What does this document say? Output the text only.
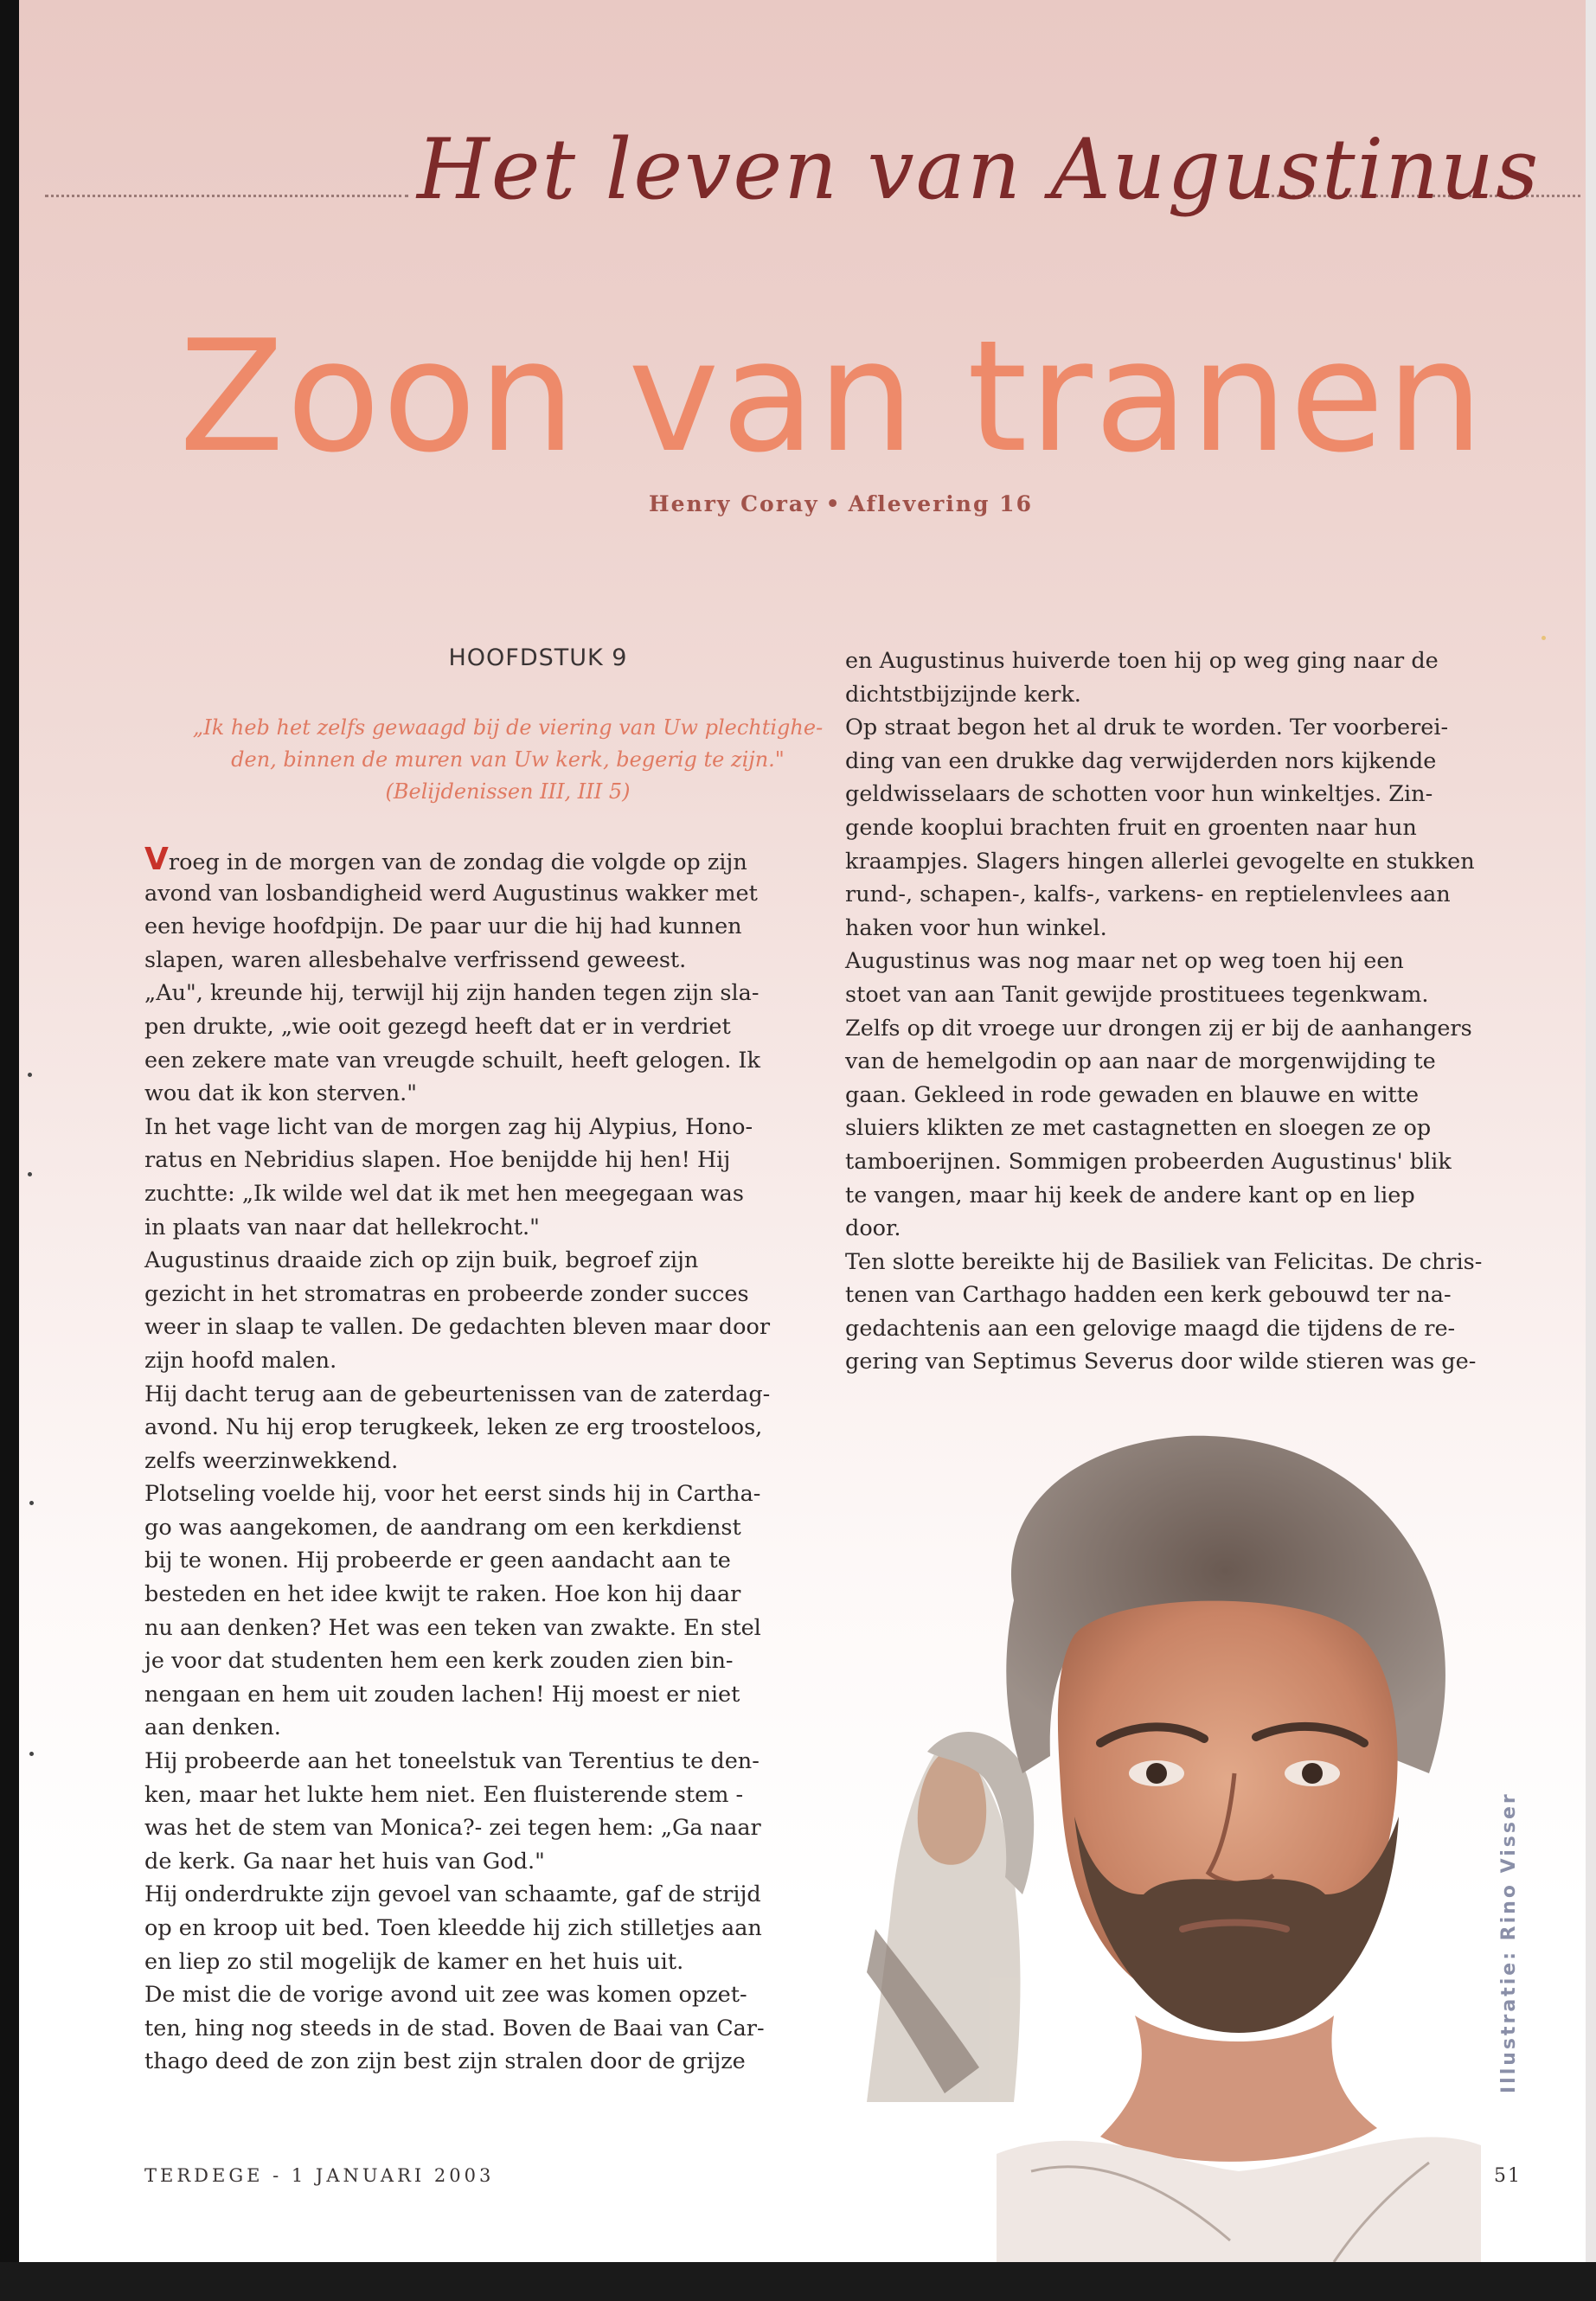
Het leven van Augustinus
Zoon van tranen
Henry Coray • Aflevering 16
HOOFDSTUK 9
„Ik heb het zelfs gewaagd bij de viering van Uw plechtighe-
den, binnen de muren van Uw kerk, begerig te zijn."
(Belijdenissen III, III 5)
Vroeg in de morgen van de zondag die volgde op zijn
avond van losbandigheid werd Augustinus wakker met
een hevige hoofdpijn. De paar uur die hij had kunnen
slapen, waren allesbehalve verfrissend geweest.
„Au", kreunde hij, terwijl hij zijn handen tegen zijn sla-
pen drukte, „wie ooit gezegd heeft dat er in verdriet
een zekere mate van vreugde schuilt, heeft gelogen. Ik
wou dat ik kon sterven."
In het vage licht van de morgen zag hij Alypius, Hono-
ratus en Nebridius slapen. Hoe benijdde hij hen! Hij
zuchtte: „Ik wilde wel dat ik met hen meegegaan was
in plaats van naar dat hellekrocht."
Augustinus draaide zich op zijn buik, begroef zijn
gezicht in het stromatras en probeerde zonder succes
weer in slaap te vallen. De gedachten bleven maar door
zijn hoofd malen.
Hij dacht terug aan de gebeurtenissen van de zaterdag-
avond. Nu hij erop terugkeek, leken ze erg troosteloos,
zelfs weerzinwekkend.
Plotseling voelde hij, voor het eerst sinds hij in Cartha-
go was aangekomen, de aandrang om een kerkdienst
bij te wonen. Hij probeerde er geen aandacht aan te
besteden en het idee kwijt te raken. Hoe kon hij daar
nu aan denken? Het was een teken van zwakte. En stel
je voor dat studenten hem een kerk zouden zien bin-
nengaan en hem uit zouden lachen! Hij moest er niet
aan denken.
Hij probeerde aan het toneelstuk van Terentius te den-
ken, maar het lukte hem niet. Een fluisterende stem -
was het de stem van Monica?- zei tegen hem: „Ga naar
de kerk. Ga naar het huis van God."
Hij onderdrukte zijn gevoel van schaamte, gaf de strijd
op en kroop uit bed. Toen kleedde hij zich stilletjes aan
en liep zo stil mogelijk de kamer en het huis uit.
De mist die de vorige avond uit zee was komen opzet-
ten, hing nog steeds in de stad. Boven de Baai van Car-
thago deed de zon zijn best zijn stralen door de grijze
en Augustinus huiverde toen hij op weg ging naar de
dichtstbijzijnde kerk.
Op straat begon het al druk te worden. Ter voorberei-
ding van een drukke dag verwijderden nors kijkende
geldwisselaars de schotten voor hun winkeltjes. Zin-
gende kooplui brachten fruit en groenten naar hun
kraampjes. Slagers hingen allerlei gevogelte en stukken
rund-, schapen-, kalfs-, varkens- en reptielenvlees aan
haken voor hun winkel.
Augustinus was nog maar net op weg toen hij een
stoet van aan Tanit gewijde prostituees tegenkwam.
Zelfs op dit vroege uur drongen zij er bij de aanhangers
van de hemelgodin op aan naar de morgenwijding te
gaan. Gekleed in rode gewaden en blauwe en witte
sluiers klikten ze met castagnetten en sloegen ze op
tamboerijnen. Sommigen probeerden Augustinus' blik
te vangen, maar hij keek de andere kant op en liep
door.
Ten slotte bereikte hij de Basiliek van Felicitas. De chris-
tenen van Carthago hadden een kerk gebouwd ter na-
gedachtenis aan een gelovige maagd die tijdens de re-
gering van Septimus Severus door wilde stieren was ge-
Illustratie: Rino Visser
TERDEGE - 1 JANUARI 2003	51
